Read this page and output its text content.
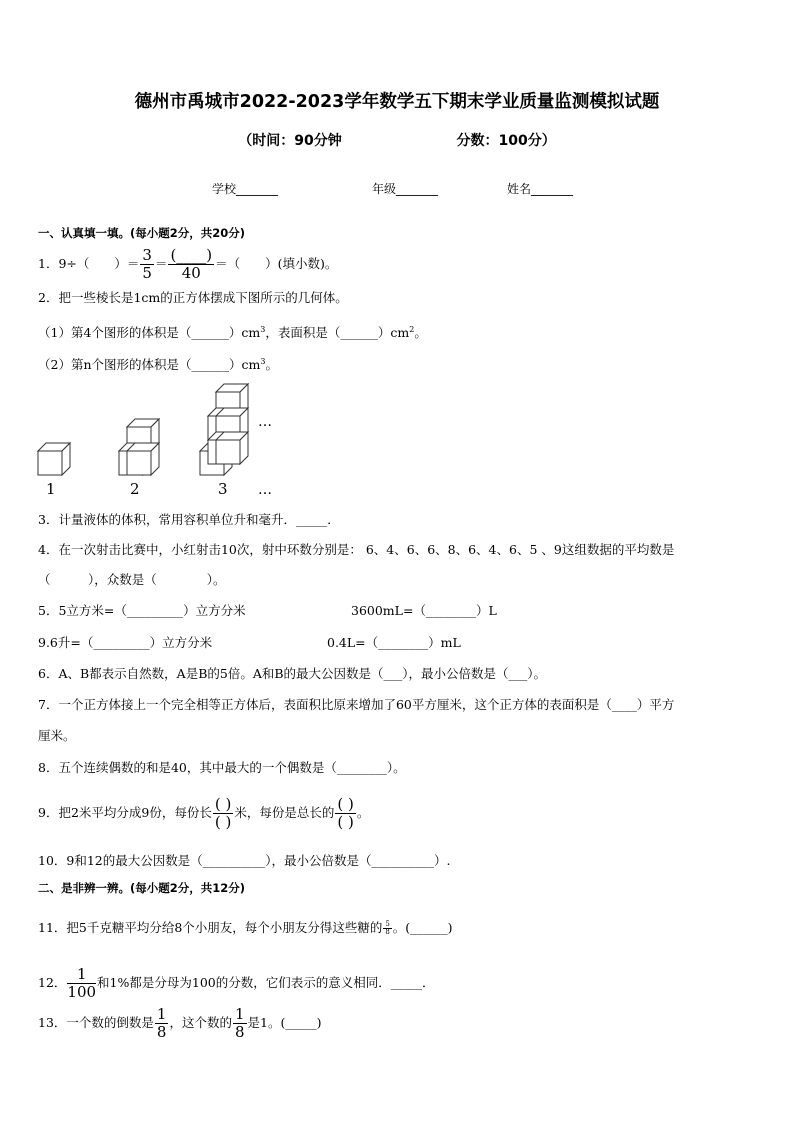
德州市禹城市2022-2023学年数学五下期末学业质量监测模拟试题
（时间：90分钟	分数：100分）
学校_______	年级_______	姓名_______
一、认真填一填。(每小题2分，共20分)
1．9÷（　　）＝ $\frac{3}{5} = \frac{(\_\_\_\_)}{40}$ ＝（　　）(填小数)。
2．把一些棱长是1cm的正方体摆成下图所示的几何体。
（1）第4个图形的体积是$(\_\_\_\_\_\_)cm^3$，表面积是$(\_\_\_\_\_\_)cm^2$。
（2）第n个图形的体积是$(\_\_\_\_\_\_)cm^3$。
…
1	2	3 …
3．计量液体的体积，常用容积单位升和毫升．_____．
4．在一次射击比赛中，小红射击10次，射中环数分别是： 6、4、6、6、8、6、4、6、5 、9这组数据的平均数是
（　　　），众数是（　　　　）。
5．5立方米=（_________）立方分米	3600mL=（________）L
9.6升=（_________）立方分米	0.4L=（________）mL
6．A、B都表示自然数，A是B的5倍。A和B的最大公因数是（___），最小公倍数是（___）。
7．一个正方体接上一个完全相等正方体后，表面积比原来增加了60平方厘米，这个正方体的表面积是（____）平方
厘米。
8．五个连续偶数的和是40，其中最大的一个偶数是（________）。
9．把2米平均分成9份，每份长 $\frac{( )}{( )}$ 米，每份是总长的 $\frac{( )}{( )}$ 。
10．9和12的最大公因数是（__________），最小公倍数是（__________）.
二、是非辨一辨。(每小题2分，共12分)
11．把5千克糖平均分给8个小朋友，每个小朋友分得这些糖的 $\frac{5}{8}$ 。(______)
12． $\frac{1}{100}$ 和1%都是分母为100的分数，它们表示的意义相同．_____．
13．一个数的倒数是 $\frac{1}{8}$ ，这个数的 $\frac{1}{8}$ 是1。(_____)
